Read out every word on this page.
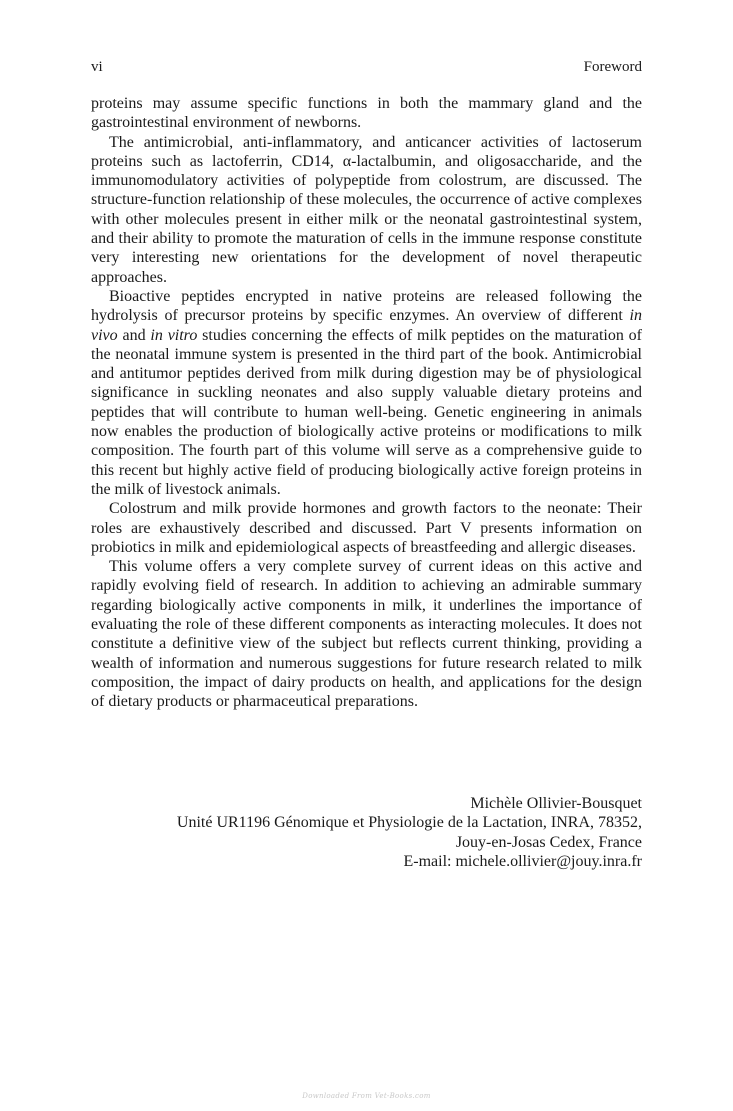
vi	Foreword

proteins may assume specific functions in both the mammary gland and the gastrointestinal environment of newborns.

The antimicrobial, anti-inflammatory, and anticancer activities of lactoserum proteins such as lactoferrin, CD14, α-lactalbumin, and oligosaccharide, and the immunomodulatory activities of polypeptide from colostrum, are discussed. The structure-function relationship of these molecules, the occurrence of active complexes with other molecules present in either milk or the neonatal gastrointestinal system, and their ability to promote the maturation of cells in the immune response constitute very interesting new orientations for the development of novel therapeutic approaches.

Bioactive peptides encrypted in native proteins are released following the hydrolysis of precursor proteins by specific enzymes. An overview of different in vivo and in vitro studies concerning the effects of milk peptides on the maturation of the neonatal immune system is presented in the third part of the book. Antimicrobial and antitumor peptides derived from milk during digestion may be of physiological significance in suckling neonates and also supply valuable dietary proteins and peptides that will contribute to human well-being. Genetic engineering in animals now enables the production of biologically active proteins or modifications to milk composition. The fourth part of this volume will serve as a comprehensive guide to this recent but highly active field of producing biologically active foreign proteins in the milk of livestock animals.

Colostrum and milk provide hormones and growth factors to the neonate: Their roles are exhaustively described and discussed. Part V presents information on probiotics in milk and epidemiological aspects of breastfeeding and allergic diseases.

This volume offers a very complete survey of current ideas on this active and rapidly evolving field of research. In addition to achieving an admirable summary regarding biologically active components in milk, it underlines the importance of evaluating the role of these different components as interacting molecules. It does not constitute a definitive view of the subject but reflects current thinking, providing a wealth of information and numerous suggestions for future research related to milk composition, the impact of dairy products on health, and applications for the design of dietary products or pharmaceutical preparations.

Michèle Ollivier-Bousquet
Unité UR1196 Génomique et Physiologie de la Lactation, INRA, 78352,
Jouy-en-Josas Cedex, France
E-mail: michele.ollivier@jouy.inra.fr
Downloaded From Vet-Books.com
